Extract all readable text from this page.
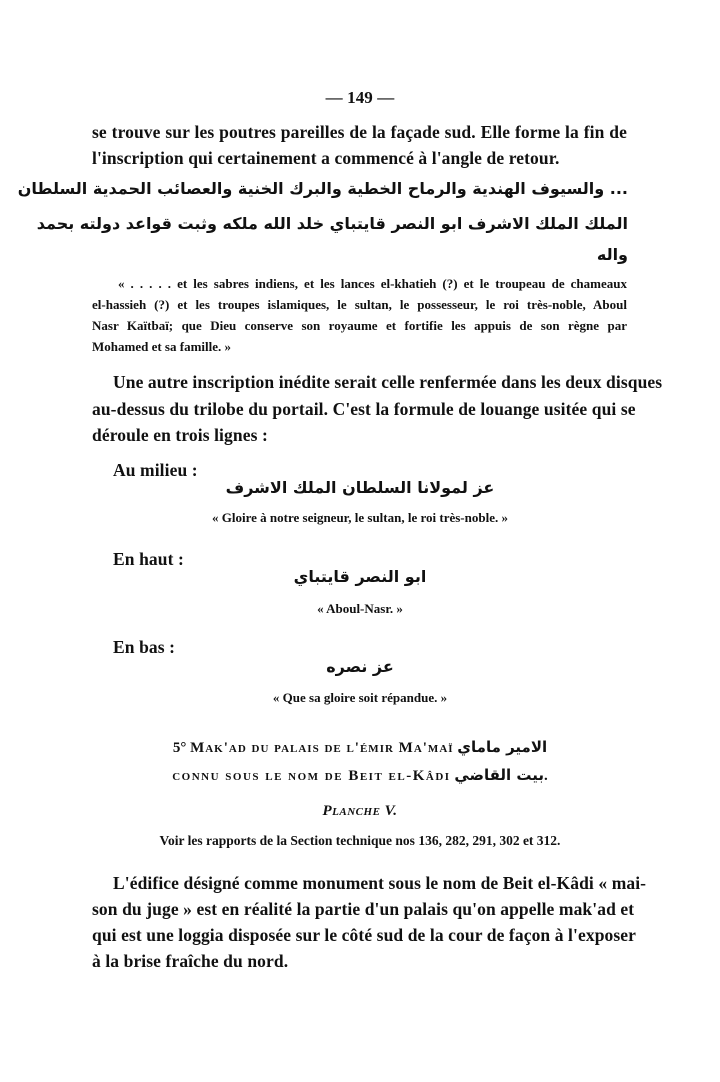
— 149 —
se trouve sur les poutres pareilles de la façade sud. Elle forme la fin de
l'inscription qui certainement a commencé à l'angle de retour.
... والسيوف الهندية والرماح الخطية والبرك الخنية والعصائب الحمدية السلطان
الملك الملك الاشرف ابو النصر قايتباي خلد الله ملكه وثبت قواعد دولته بحمد
واله
« . . . . . et les sabres indiens, et les lances el-khatieh (?) et le troupeau de chameaux
el-hassieh (?) et les troupes islamiques, le sultan, le possesseur, le roi très-noble, Aboul
Nasr Kaïtbaï; que Dieu conserve son royaume et fortifie les appuis de son règne par
Mohamed et sa famille. »
Une autre inscription inédite serait celle renfermée dans les deux disques
au-dessus du trilobe du portail. C'est la formule de louange usitée qui se
déroule en trois lignes :
Au milieu :
عز لمولانا السلطان الملك الاشرف
« Gloire à notre seigneur, le sultan, le roi très-noble. »
En haut :
ابو النصر قايتباي
« Aboul-Nasr. »
En bas :
عز نصره
« Que sa gloire soit répandue. »
5° Mak'ad du palais de l'émir Ma'maï الامير ماماي
connu sous le nom de Beit el-Kâdi بيت القاضي.
Planche V.
Voir les rapports de la Section technique nos 136, 282, 291, 302 et 312.
L'édifice désigné comme monument sous le nom de Beit el-Kâdi « mai-
son du juge » est en réalité la partie d'un palais qu'on appelle mak'ad et
qui est une loggia disposée sur le côté sud de la cour de façon à l'exposer
à la brise fraîche du nord.
